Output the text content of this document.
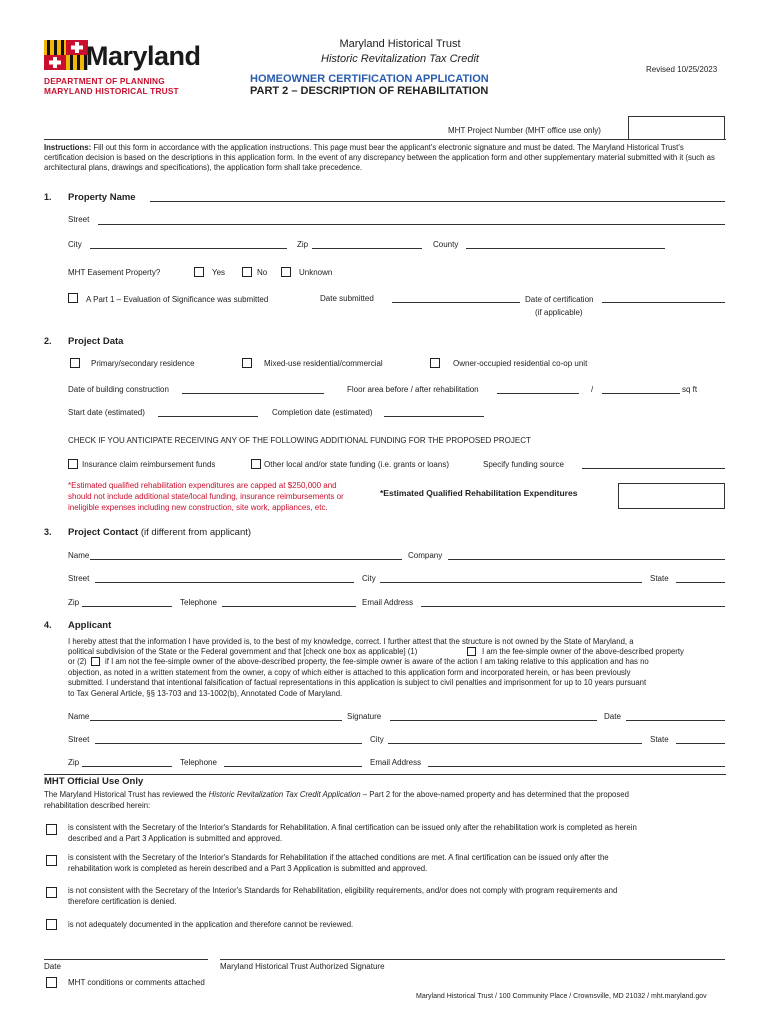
Maryland
DEPARTMENT OF PLANNING
MARYLAND HISTORICAL TRUST
Maryland Historical Trust
Historic Revitalization Tax Credit
HOMEOWNER CERTIFICATION APPLICATION
PART 2 – DESCRIPTION OF REHABILITATION
Revised 10/25/2023
MHT Project Number (MHT office use only)
Instructions: Fill out this form in accordance with the application instructions. This page must bear the applicant's electronic signature and must be dated. The Maryland Historical Trust's certification decision is based on the descriptions in this application form. In the event of any discrepancy between the application form and other supplementary material submitted with it (such as architectural plans, drawings and specifications), the application form shall take precedence.
1. Property Name
Street
City	Zip	County
MHT Easement Property?	Yes	No	Unknown
A Part 1 – Evaluation of Significance was submitted	Date submitted	Date of certification
(if applicable)
2. Project Data
Primary/secondary residence	Mixed-use residential/commercial	Owner-occupied residential co-op unit
Date of building construction	Floor area before / after rehabilitation	/	sq ft
Start date (estimated)	Completion date (estimated)
CHECK IF YOU ANTICIPATE RECEIVING ANY OF THE FOLLOWING ADDITIONAL FUNDING FOR THE PROPOSED PROJECT
Insurance claim reimbursement funds	Other local and/or state funding (i.e. grants or loans)	Specify funding source
*Estimated qualified rehabilitation expenditures are capped at $250,000 and
should not include additional state/local funding, insurance reimbursements or
ineligible expenses including new construction, site work, appliances, etc.
*Estimated Qualified Rehabilitation Expenditures
3. Project Contact (if different from applicant)
Name	Company
Street	City	State
Zip	Telephone	Email Address
4. Applicant
I hereby attest that the information I have provided is, to the best of my knowledge, correct. I further attest that the structure is not owned by the State of Maryland, a
political subdivision of the State or the Federal government and that [check one box as applicable] (1)	I am the fee-simple owner of the above-described property
or (2) if I am not the fee-simple owner of the above-described property, the fee-simple owner is aware of the action I am taking relative to this application and has no
objection, as noted in a written statement from the owner, a copy of which either is attached to this application form and incorporated herein, or has been previously
submitted. I understand that intentional falsification of factual representations in this application is subject to civil penalties and imprisonment for up to 10 years pursuant
to Tax General Article, §§ 13-703 and 13-1002(b), Annotated Code of Maryland.
Name	Signature	Date
Street	City	State
Zip	Telephone	Email Address
MHT Official Use Only
The Maryland Historical Trust has reviewed the Historic Revitalization Tax Credit Application – Part 2 for the above-named property and has determined that the proposed
rehabilitation described herein:
is consistent with the Secretary of the Interior's Standards for Rehabilitation. A final certification can be issued only after the rehabilitation work is completed as herein
described and a Part 3 Application is submitted and approved.
is consistent with the Secretary of the Interior's Standards for Rehabilitation if the attached conditions are met. A final certification can be issued only after the
rehabilitation work is completed as herein described and a Part 3 Application is submitted and approved.
is not consistent with the Secretary of the Interior's Standards for Rehabilitation, eligibility requirements, and/or does not comply with program requirements and
therefore certification is denied.
is not adequately documented in the application and therefore cannot be reviewed.
Date	Maryland Historical Trust Authorized Signature
MHT conditions or comments attached
Maryland Historical Trust / 100 Community Place / Crownsville, MD 21032 / mht.maryland.gov
